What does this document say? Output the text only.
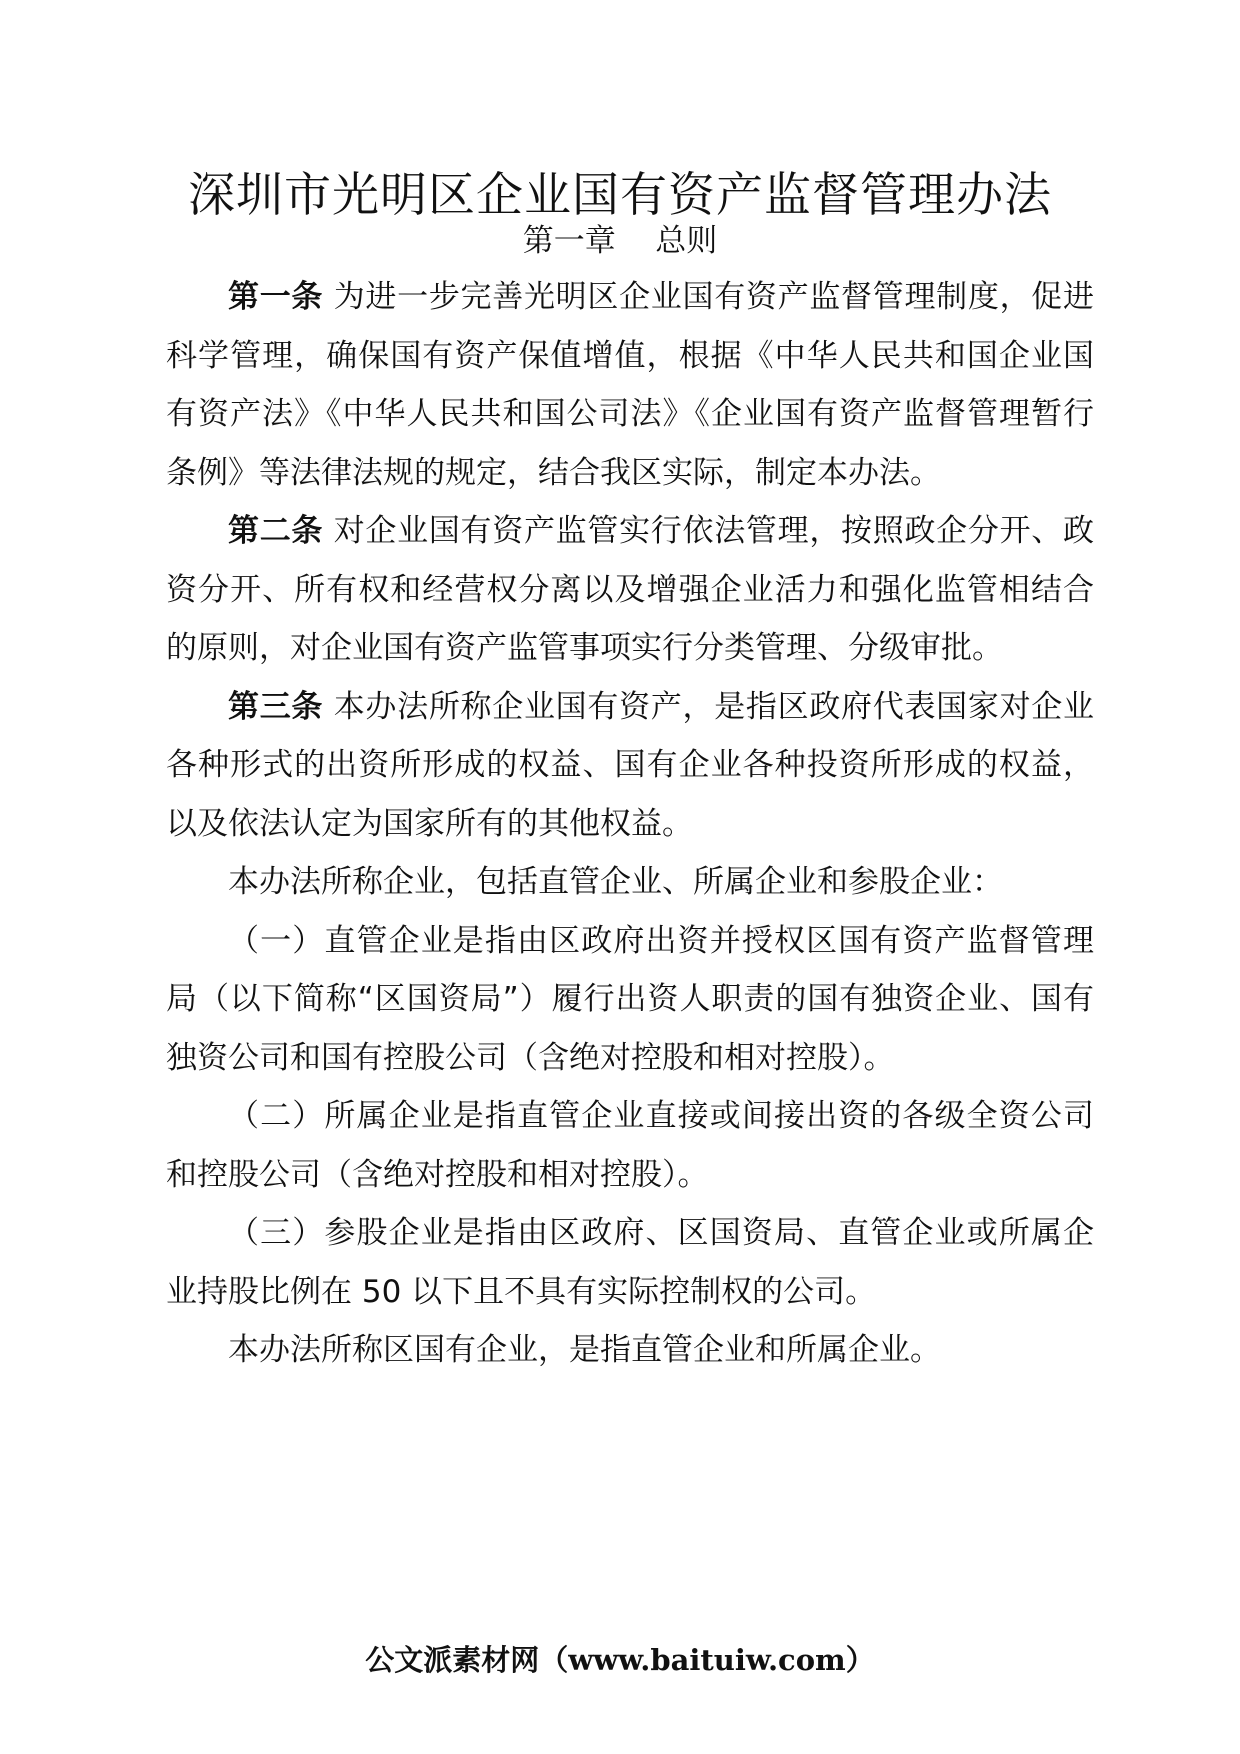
深圳市光明区企业国有资产监督管理办法
第一章    总则

第一条 为进一步完善光明区企业国有资产监督管理制度，促进科学管理，确保国有资产保值增值，根据《中华人民共和国企业国有资产法》《中华人民共和国公司法》《企业国有资产监督管理暂行条例》等法律法规的规定，结合我区实际，制定本办法。

第二条 对企业国有资产监管实行依法管理，按照政企分开、政资分开、所有权和经营权分离以及增强企业活力和强化监管相结合的原则，对企业国有资产监管事项实行分类管理、分级审批。

第三条 本办法所称企业国有资产，是指区政府代表国家对企业各种形式的出资所形成的权益、国有企业各种投资所形成的权益，以及依法认定为国家所有的其他权益。

本办法所称企业，包括直管企业、所属企业和参股企业：

（一）直管企业是指由区政府出资并授权区国有资产监督管理局（以下简称“区国资局”）履行出资人职责的国有独资企业、国有独资公司和国有控股公司（含绝对控股和相对控股）。

（二）所属企业是指直管企业直接或间接出资的各级全资公司和控股公司（含绝对控股和相对控股）。

（三）参股企业是指由区政府、区国资局、直管企业或所属企业持股比例在 50 以下且不具有实际控制权的公司。

本办法所称区国有企业，是指直管企业和所属企业。

公文派素材网（www.baituiw.com）
